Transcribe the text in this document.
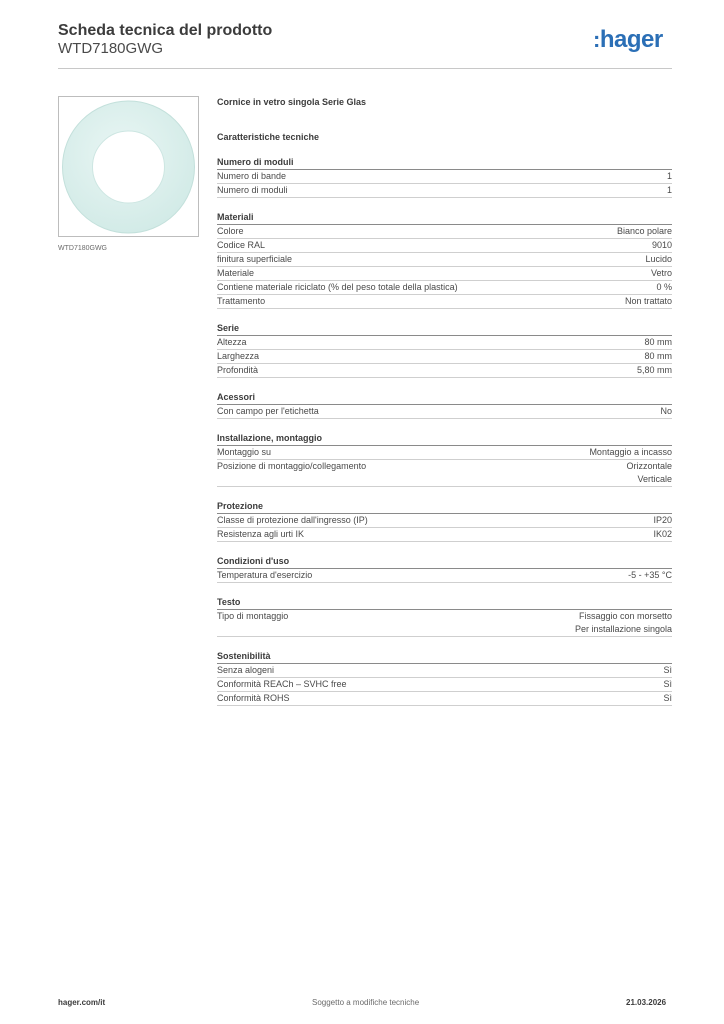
Scheda tecnica del prodotto
WTD7180GWG	:hager
WTD7180GWG
Cornice in vetro singola Serie Glas
Caratteristiche tecniche
Numero di moduli
Numero di bande	1
Numero di moduli	1
Materiali
Colore	Bianco polare
Codice RAL	9010
finitura superficiale	Lucido
Materiale	Vetro
Contiene materiale riciclato (% del peso totale della plastica)	0 %
Trattamento	Non trattato
Serie
Altezza	80 mm
Larghezza	80 mm
Profondità	5,80 mm
Acessori
Con campo per l'etichetta	No
Installazione, montaggio
Montaggio su	Montaggio a incasso
Posizione di montaggio/collegamento	Orizzontale
Verticale
Protezione
Classe di protezione dall'ingresso (IP)	IP20
Resistenza agli urti IK	IK02
Condizioni d'uso
Temperatura d'esercizio	-5 - +35 °C
Testo
Tipo di montaggio	Fissaggio con morsetto
Per installazione singola
Sostenibilità
Senza alogeni	Sì
Conformità REACh – SVHC free	Sì
Conformità ROHS	Sì
hager.com/it	Soggetto a modifiche tecniche	21.03.2026
